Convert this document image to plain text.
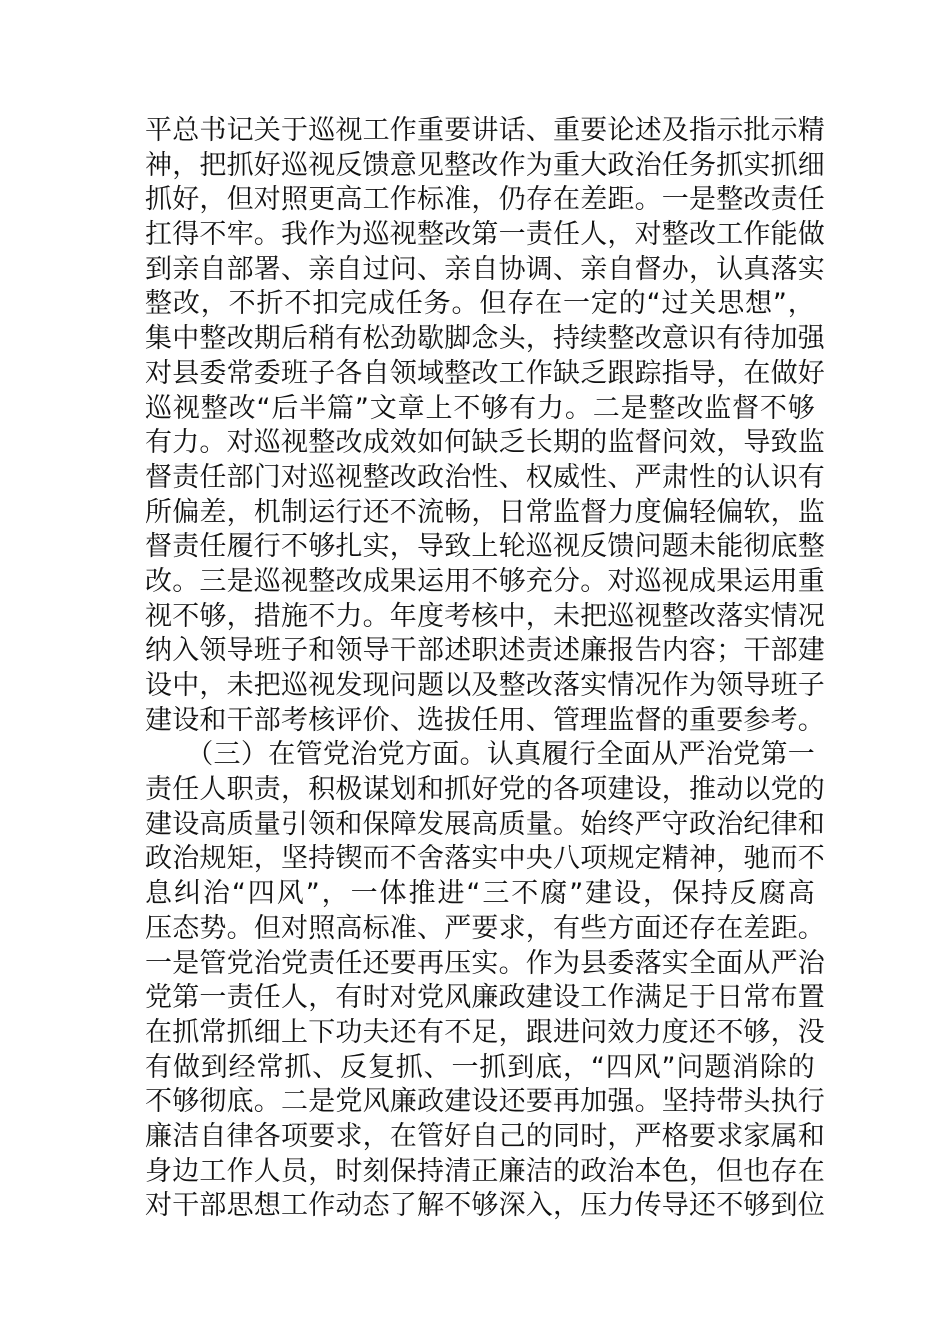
平总书记关于巡视工作重要讲话、重要论述及指示批示精
神，把抓好巡视反馈意见整改作为重大政治任务抓实抓细
抓好，但对照更高工作标准，仍存在差距。一是整改责任
扛得不牢。我作为巡视整改第一责任人，对整改工作能做
到亲自部署、亲自过问、亲自协调、亲自督办，认真落实
整改，不折不扣完成任务。但存在一定的“过关思想”，
集中整改期后稍有松劲歇脚念头，持续整改意识有待加强
对县委常委班子各自领域整改工作缺乏跟踪指导，在做好
巡视整改“后半篇”文章上不够有力。二是整改监督不够
有力。对巡视整改成效如何缺乏长期的监督问效，导致监
督责任部门对巡视整改政治性、权威性、严肃性的认识有
所偏差，机制运行还不流畅，日常监督力度偏轻偏软，监
督责任履行不够扎实，导致上轮巡视反馈问题未能彻底整
改。三是巡视整改成果运用不够充分。对巡视成果运用重
视不够，措施不力。年度考核中，未把巡视整改落实情况
纳入领导班子和领导干部述职述责述廉报告内容；干部建
设中，未把巡视发现问题以及整改落实情况作为领导班子
建设和干部考核评价、选拔任用、管理监督的重要参考。
　　（三）在管党治党方面。认真履行全面从严治党第一
责任人职责，积极谋划和抓好党的各项建设，推动以党的
建设高质量引领和保障发展高质量。始终严守政治纪律和
政治规矩，坚持锲而不舍落实中央八项规定精神，驰而不
息纠治“四风”，一体推进“三不腐”建设，保持反腐高
压态势。但对照高标准、严要求，有些方面还存在差距。
一是管党治党责任还要再压实。作为县委落实全面从严治
党第一责任人，有时对党风廉政建设工作满足于日常布置
在抓常抓细上下功夫还有不足，跟进问效力度还不够，没
有做到经常抓、反复抓、一抓到底，“四风”问题消除的
不够彻底。二是党风廉政建设还要再加强。坚持带头执行
廉洁自律各项要求，在管好自己的同时，严格要求家属和
身边工作人员，时刻保持清正廉洁的政治本色，但也存在
对干部思想工作动态了解不够深入，压力传导还不够到位
